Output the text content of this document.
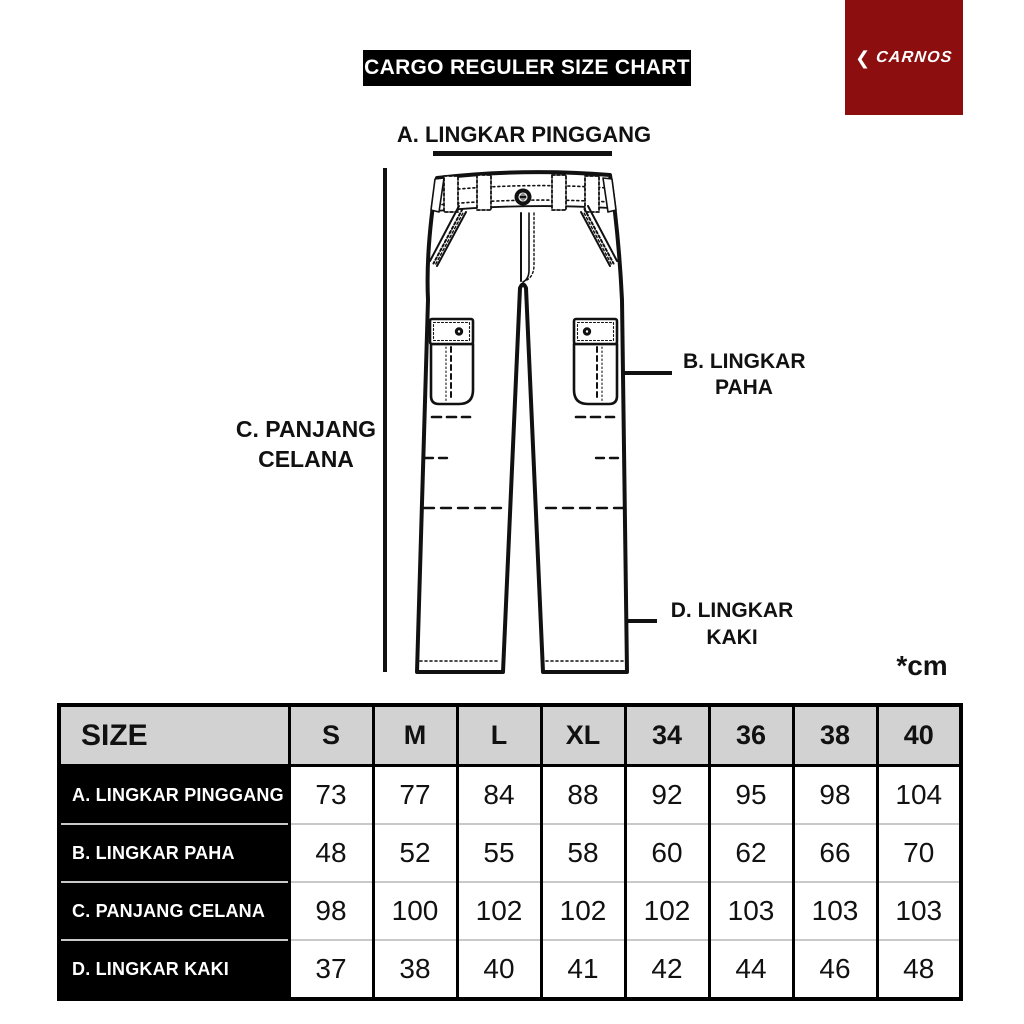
CARGO REGULER SIZE CHART	❮ CARNOS
A. LINGKAR PINGGANG
B. LINGKAR
PAHA
C. PANJANG
CELANA
D. LINGKAR
KAKI
*cm
SIZE	S	M	L	XL	34	36	38	40
A. LINGKAR PINGGANG	73	77	84	88	92	95	98	104
B. LINGKAR PAHA	48	52	55	58	60	62	66	70
C. PANJANG CELANA	98	100	102	102	102	103	103	103
D. LINGKAR KAKI	37	38	40	41	42	44	46	48
